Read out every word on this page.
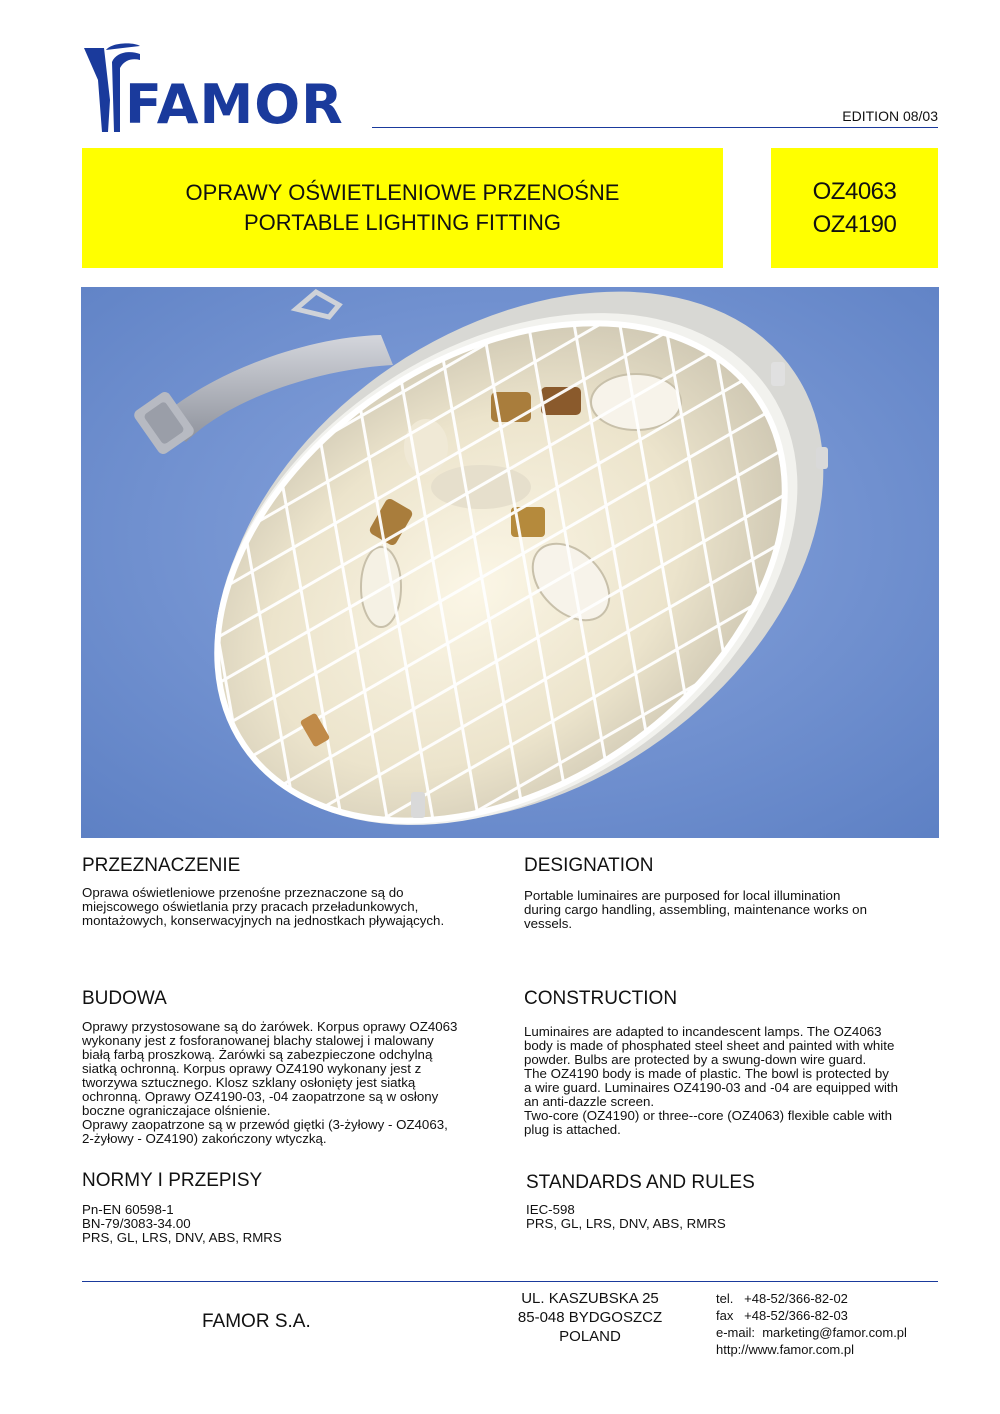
FAMOR	EDITION 08/03
OPRAWY OŚWIETLENIOWE PRZENOŚNE
PORTABLE LIGHTING FITTING
OZ4063
OZ4190
PRZEZNACZENIE
Oprawa oświetleniowe przenośne przeznaczone są do
miejscowego oświetlania przy pracach przeładunkowych,
montażowych, konserwacyjnych na jednostkach pływających.
DESIGNATION
Portable luminaires are purposed for local illumination
during cargo handling, assembling, maintenance works on
vessels.
BUDOWA
Oprawy przystosowane są do żarówek. Korpus oprawy OZ4063
wykonany jest z fosforanowanej blachy stalowej i malowany
białą farbą proszkową. Żarówki są zabezpieczone odchylną
siatką ochronną. Korpus oprawy OZ4190 wykonany jest z
tworzywa sztucznego. Klosz szklany osłonięty jest siatką
ochronną. Oprawy OZ4190-03, -04 zaopatrzone są w osłony
boczne ograniczajace olśnienie.
Oprawy zaopatrzone są w przewód giętki (3-żyłowy - OZ4063,
2-żyłowy - OZ4190) zakończony wtyczką.
CONSTRUCTION
Luminaires are adapted to incandescent lamps. The OZ4063
body is made of phosphated steel sheet and painted with white
powder. Bulbs are protected by a swung-down wire guard.
The OZ4190 body is made of plastic. The bowl is protected by
a wire guard. Luminaires OZ4190-03 and -04 are equipped with
an anti-dazzle screen.
Two-core (OZ4190) or three--core (OZ4063) flexible cable with
plug is attached.
NORMY I PRZEPISY
Pn-EN 60598-1
BN-79/3083-34.00
PRS, GL, LRS, DNV, ABS, RMRS
STANDARDS AND RULES
IEC-598
PRS, GL, LRS, DNV, ABS, RMRS
FAMOR S.A.
UL. KASZUBSKA 25
85-048 BYDGOSZCZ
POLAND
tel.   +48-52/366-82-02
fax   +48-52/366-82-03
e-mail:  marketing@famor.com.pl
http://www.famor.com.pl
